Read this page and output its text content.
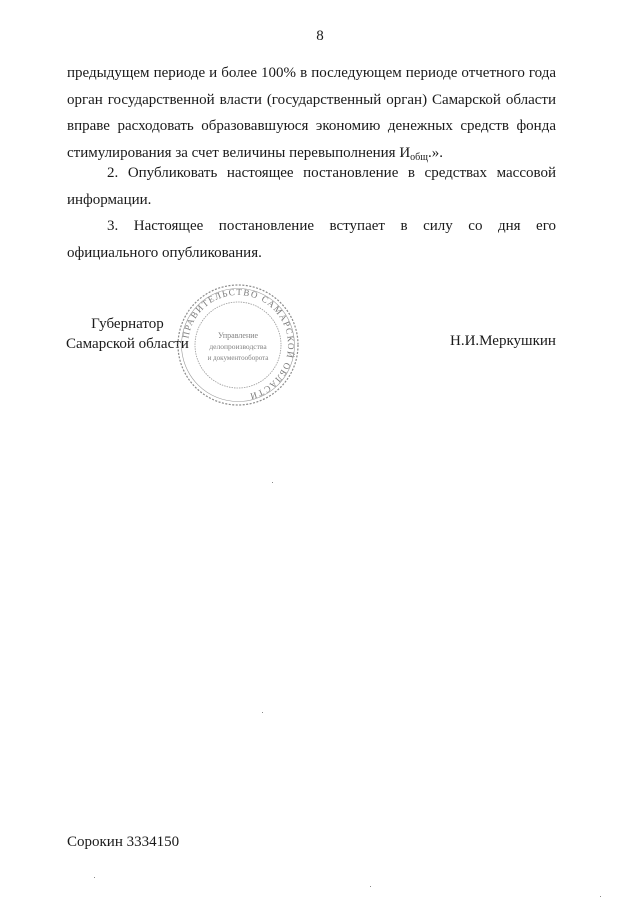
8
предыдущем периоде и более 100% в последующем периоде отчетного года орган государственной власти (государственный орган) Самарской области вправе расходовать образовавшуюся экономию денежных средств фонда стимулирования за счет величины перевыполнения $И_{общ}$.».
2. Опубликовать настоящее постановление в средствах массовой информации.
3. Настоящее постановление вступает в силу со дня его официального опубликования.
Губернатор
Самарской области
ПРАВИТЕЛЬСТВО САМАРСКОЙ ОБЛАСТИ
Управление
делопроизводства
и документооборота
Н.И.Меркушкин
Сорокин 3334150
